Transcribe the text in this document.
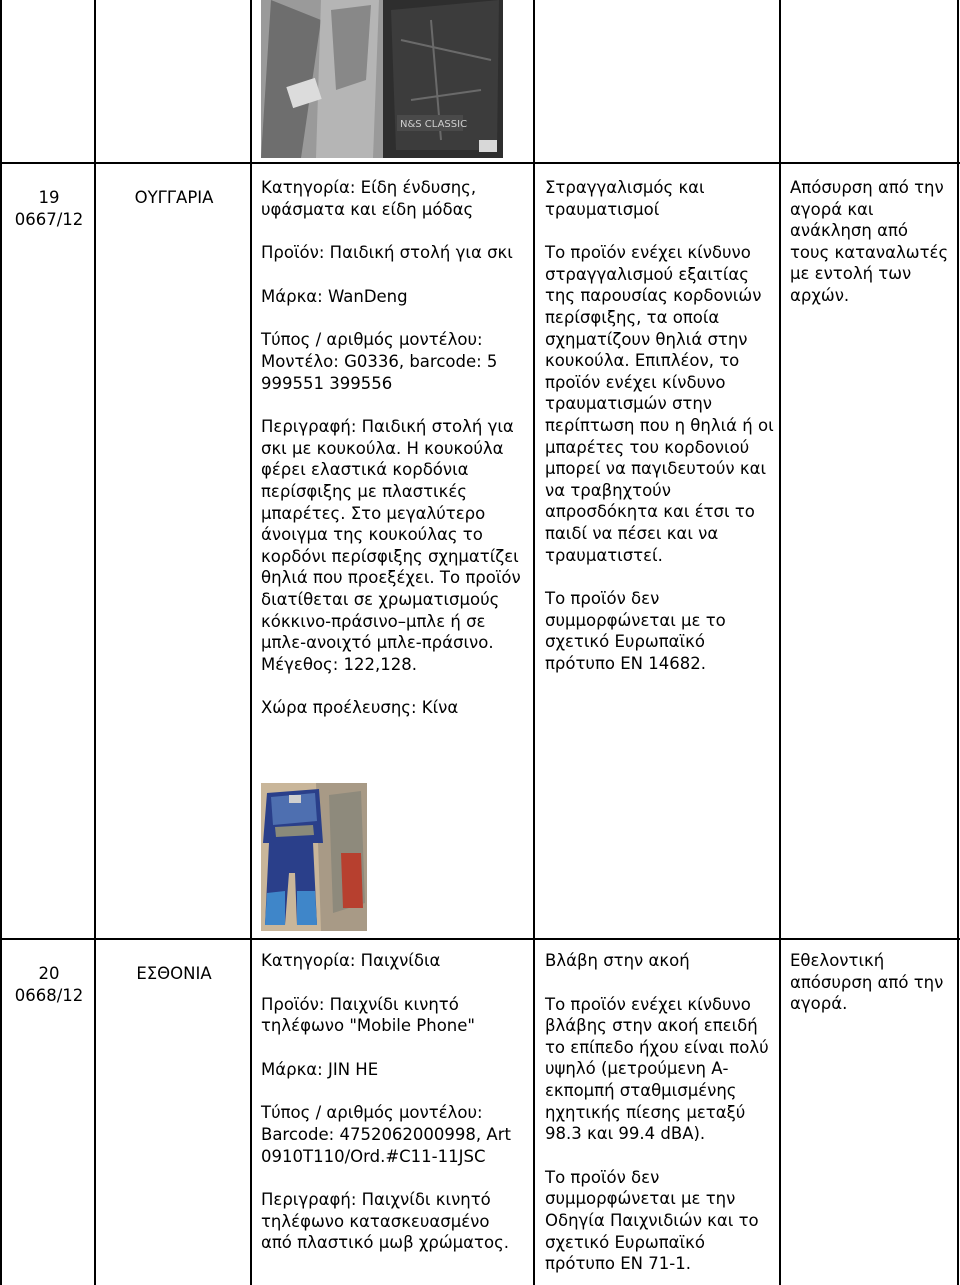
N&S CLASSIC
19
0667/12
ΟΥΓΓΑΡΙΑ

Κατηγορία: Είδη ένδυσης, υφάσματα και είδη μόδας

Προϊόν: Παιδική στολή για σκι

Μάρκα: WanDeng

Τύπος / αριθμός μοντέλου: Μοντέλο: G0336, barcode: 5 999551 399556

Περιγραφή: Παιδική στολή για σκι με κουκούλα. Η κουκούλα φέρει ελαστικά κορδόνια περίσφιξης με πλαστικές μπαρέτες. Στο μεγαλύτερο άνοιγμα της κουκούλας το κορδόνι περίσφιξης σχηματίζει θηλιά που προεξέχει. Το προϊόν διατίθεται σε χρωματισμούς κόκκινο-πράσινο–μπλε ή σε μπλε-ανοιχτό μπλε-πράσινο. Μέγεθος: 122,128.

Χώρα προέλευσης: Κίνα

Στραγγαλισμός και τραυματισμοί

Το προϊόν ενέχει κίνδυνο στραγγαλισμού εξαιτίας της παρουσίας κορδονιών περίσφιξης, τα οποία σχηματίζουν θηλιά στην κουκούλα. Επιπλέον, το προϊόν ενέχει κίνδυνο τραυματισμών στην περίπτωση που η θηλιά ή οι μπαρέτες του κορδονιού μπορεί να παγιδευτούν και να τραβηχτούν απροσδόκητα και έτσι το παιδί να πέσει και να τραυματιστεί.

Το προϊόν δεν συμμορφώνεται με το σχετικό Ευρωπαϊκό πρότυπο EN 14682.

Απόσυρση από την αγορά και ανάκληση από τους καταναλωτές με εντολή των αρχών.

20
0668/12
ΕΣΘΟΝΙΑ

Κατηγορία: Παιχνίδια

Προϊόν: Παιχνίδι κινητό τηλέφωνο "Mobile Phone"

Μάρκα: JIN HE

Τύπος / αριθμός μοντέλου: Barcode: 4752062000998, Art 0910T110/Ord.#C11-11JSC

Περιγραφή: Παιχνίδι κινητό τηλέφωνο κατασκευασμένο από πλαστικό μωβ χρώματος.

Βλάβη στην ακοή

Το προϊόν ενέχει κίνδυνο βλάβης στην ακοή επειδή το επίπεδο ήχου είναι πολύ υψηλό (μετρούμενη Α-εκπομπή σταθμισμένης ηχητικής πίεσης μεταξύ 98.3 και 99.4 dBA).

Το προϊόν δεν συμμορφώνεται με την Οδηγία Παιχνιδιών και το σχετικό Ευρωπαϊκό πρότυπο EN 71-1.

Εθελοντική απόσυρση από την αγορά.
